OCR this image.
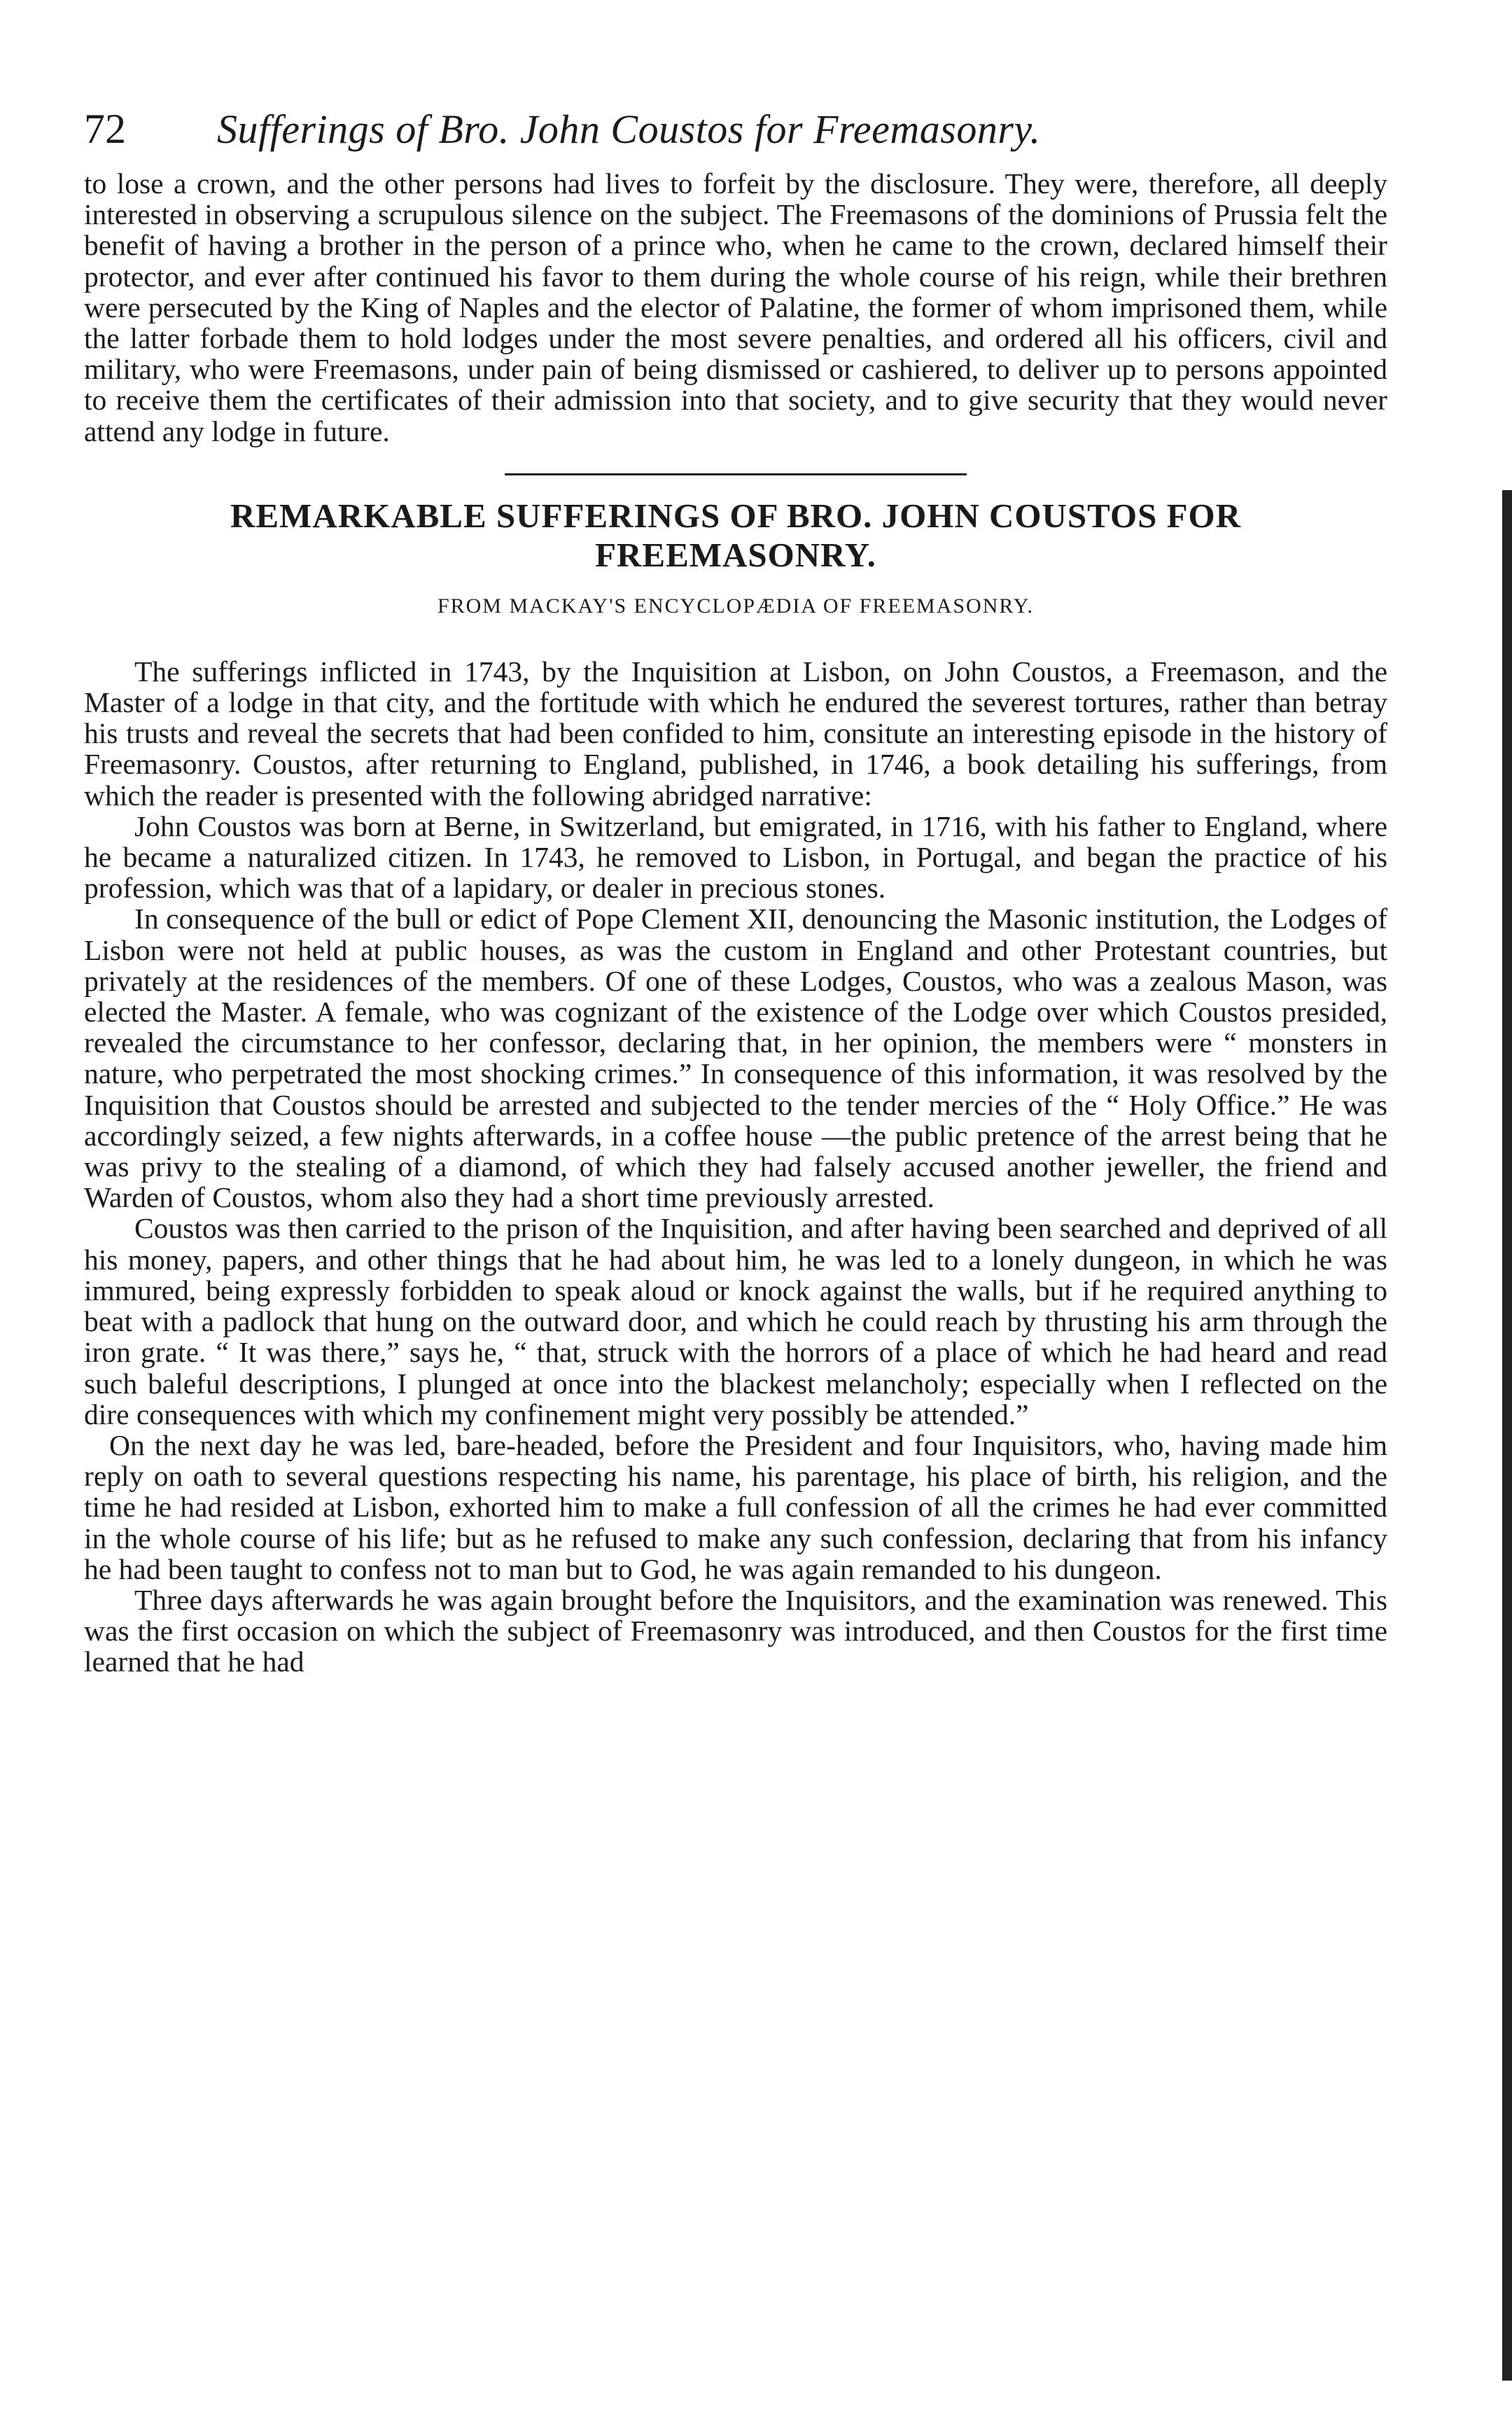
72	Sufferings of Bro. John Coustos for Freemasonry.

to lose a crown, and the other persons had lives to forfeit by the disclosure. They were, therefore, all deeply interested in observing a scrupulous silence on the subject. The Freemasons of the dominions of Prussia felt the benefit of having a brother in the person of a prince who, when he came to the crown, declared himself their protector, and ever after continued his favor to them during the whole course of his reign, while their brethren were persecuted by the King of Naples and the elector of Palatine, the former of whom imprisoned them, while the latter forbade them to hold lodges under the most severe penalties, and ordered all his officers, civil and military, who were Freemasons, under pain of being dismissed or cashiered, to deliver up to persons appointed to receive them the certificates of their admission into that society, and to give security that they would never attend any lodge in future.

REMARKABLE SUFFERINGS OF BRO. JOHN COUSTOS FOR
FREEMASONRY.
FROM MACKAY'S ENCYCLOPÆDIA OF FREEMASONRY.

The sufferings inflicted in 1743, by the Inquisition at Lisbon, on John Coustos, a Freemason, and the Master of a lodge in that city, and the fortitude with which he endured the severest tortures, rather than betray his trusts and reveal the secrets that had been confided to him, consitute an interesting episode in the history of Freemasonry. Coustos, after returning to England, published, in 1746, a book detailing his sufferings, from which the reader is presented with the following abridged narrative:

John Coustos was born at Berne, in Switzerland, but emigrated, in 1716, with his father to England, where he became a naturalized citizen. In 1743, he removed to Lisbon, in Portugal, and began the practice of his profession, which was that of a lapidary, or dealer in precious stones.

In consequence of the bull or edict of Pope Clement XII, denouncing the Masonic institution, the Lodges of Lisbon were not held at public houses, as was the custom in England and other Protestant countries, but privately at the residences of the members. Of one of these Lodges, Coustos, who was a zealous Mason, was elected the Master. A female, who was cognizant of the existence of the Lodge over which Coustos presided, revealed the circumstance to her confessor, declaring that, in her opinion, the members were “ monsters in nature, who perpetrated the most shocking crimes.” In consequence of this information, it was resolved by the Inquisition that Coustos should be arrested and subjected to the tender mercies of the “ Holy Office.” He was accordingly seized, a few nights afterwards, in a coffee house —the public pretence of the arrest being that he was privy to the stealing of a diamond, of which they had falsely accused another jeweller, the friend and Warden of Coustos, whom also they had a short time previously arrested.

Coustos was then carried to the prison of the Inquisition, and after having been searched and deprived of all his money, papers, and other things that he had about him, he was led to a lonely dungeon, in which he was immured, being expressly forbidden to speak aloud or knock against the walls, but if he required anything to beat with a padlock that hung on the outward door, and which he could reach by thrusting his arm through the iron grate. “ It was there,” says he, “ that, struck with the horrors of a place of which he had heard and read such baleful descriptions, I plunged at once into the blackest melancholy; especially when I reflected on the dire consequences with which my confinement might very possibly be attended.”

On the next day he was led, bare-headed, before the President and four Inquisitors, who, having made him reply on oath to several questions respecting his name, his parentage, his place of birth, his religion, and the time he had resided at Lisbon, exhorted him to make a full confession of all the crimes he had ever committed in the whole course of his life; but as he refused to make any such confession, declaring that from his infancy he had been taught to confess not to man but to God, he was again remanded to his dungeon.

Three days afterwards he was again brought before the Inquisitors, and the examination was renewed. This was the first occasion on which the subject of Freemasonry was introduced, and then Coustos for the first time learned that he had
